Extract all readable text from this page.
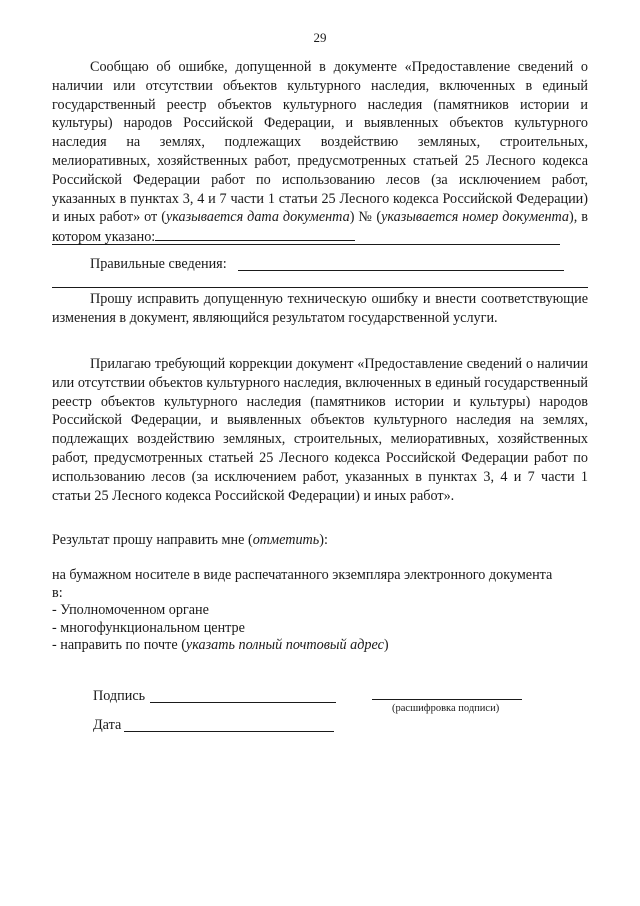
29
Сообщаю об ошибке, допущенной в документе «Предоставление сведений о наличии или отсутствии объектов культурного наследия, включенных в единый государственный реестр объектов культурного наследия (памятников истории и культуры) народов Российской Федерации, и выявленных объектов культурного наследия на землях, подлежащих воздействию земляных, строительных, мелиоративных, хозяйственных работ, предусмотренных статьей 25 Лесного кодекса Российской Федерации работ по использованию лесов (за исключением работ, указанных в пунктах 3, 4 и 7 части 1 статьи 25 Лесного кодекса Российской Федерации) и иных работ» от (указывается дата документа) № (указывается номер документа), в котором указано:
Правильные сведения:
Прошу исправить допущенную техническую ошибку и внести соответствующие изменения в документ, являющийся результатом государственной услуги.
Прилагаю требующий коррекции документ «Предоставление сведений о наличии или отсутствии объектов культурного наследия, включенных в единый государственный реестр объектов культурного наследия (памятников истории и культуры) народов Российской Федерации, и выявленных объектов культурного наследия на землях, подлежащих воздействию земляных, строительных, мелиоративных, хозяйственных работ, предусмотренных статьей 25 Лесного кодекса Российской Федерации работ по использованию лесов (за исключением работ, указанных в пунктах 3, 4 и 7 части 1 статьи 25 Лесного кодекса Российской Федерации) и иных работ».
Результат прошу направить мне (отметить):
на бумажном носителе в виде распечатанного экземпляра электронного документа
в:
- Уполномоченном органе
- многофункциональном центре
- направить по почте (указать полный почтовый адрес)
Подпись
(расшифровка подписи)
Дата
